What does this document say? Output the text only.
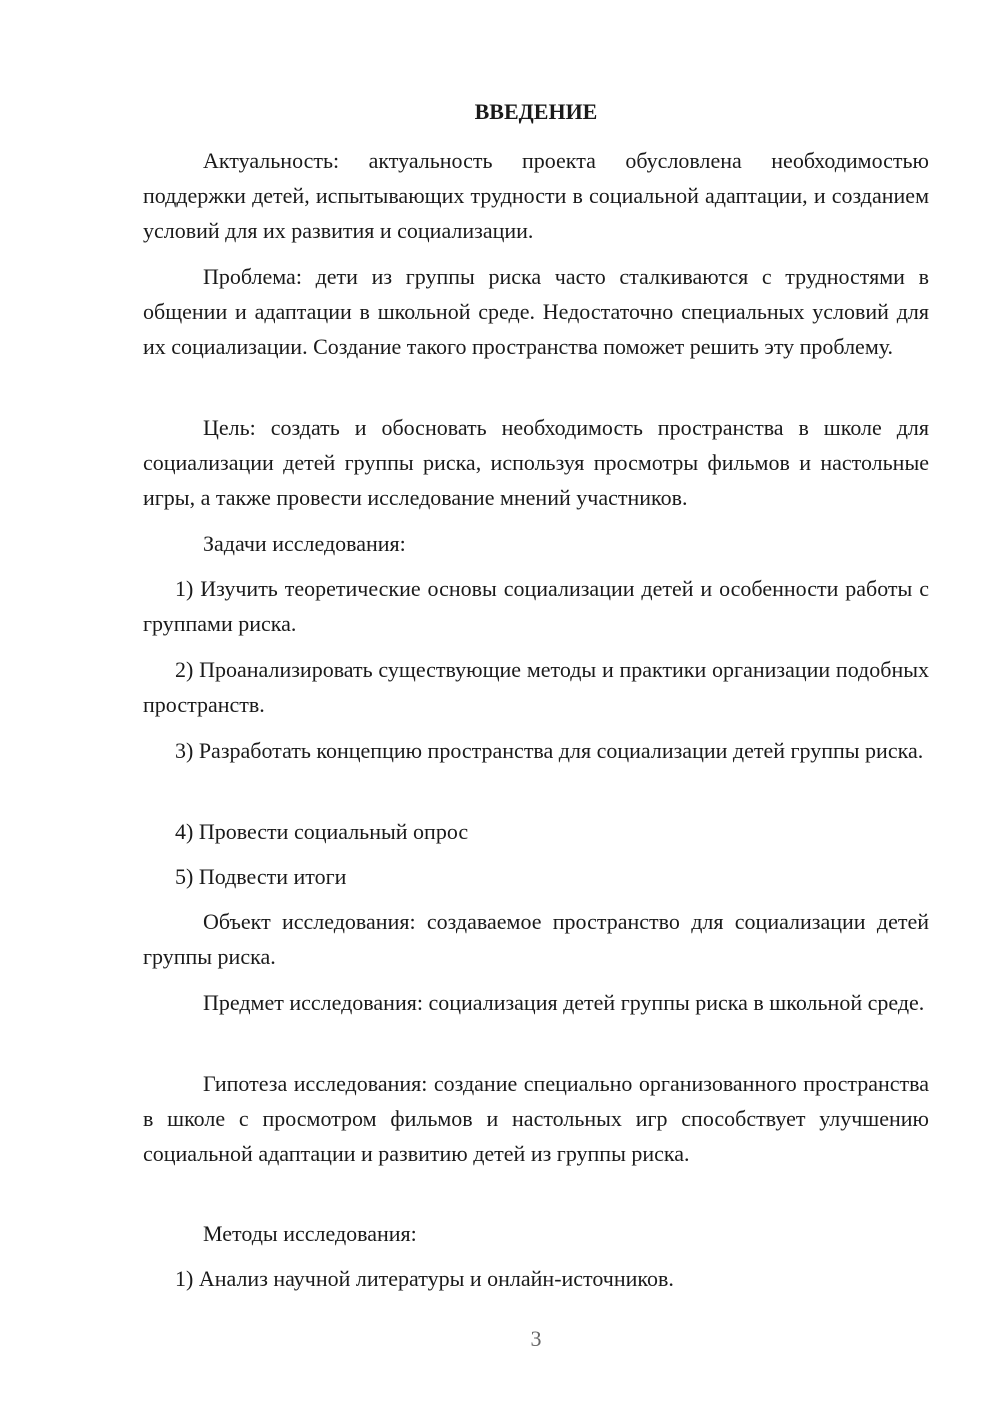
ВВЕДЕНИЕ

Актуальность: актуальность проекта обусловлена необходимостью поддержки детей, испытывающих трудности в социальной адаптации, и созданием условий для их развития и социализации.

Проблема: дети из группы риска часто сталкиваются с трудностями в общении и адаптации в школьной среде. Недостаточно специальных условий для их социализации. Создание такого пространства поможет решить эту проблему.

Цель: создать и обосновать необходимость пространства в школе для социализации детей группы риска, используя просмотры фильмов и настольные игры, а также провести исследование мнений участников.

Задачи исследования:

1) Изучить теоретические основы социализации детей и особенности работы с группами риска.

2) Проанализировать существующие методы и практики организации подобных пространств.

3) Разработать концепцию пространства для социализации детей группы риска.

4) Провести социальный опрос

5) Подвести итоги

Объект исследования: создаваемое пространство для социализации детей группы риска.

Предмет исследования: социализация детей группы риска в школьной среде.

Гипотеза исследования: создание специально организованного пространства в школе с просмотром фильмов и настольных игр способствует улучшению социальной адаптации и развитию детей из группы риска.

Методы исследования:

1) Анализ научной литературы и онлайн-источников.

3
